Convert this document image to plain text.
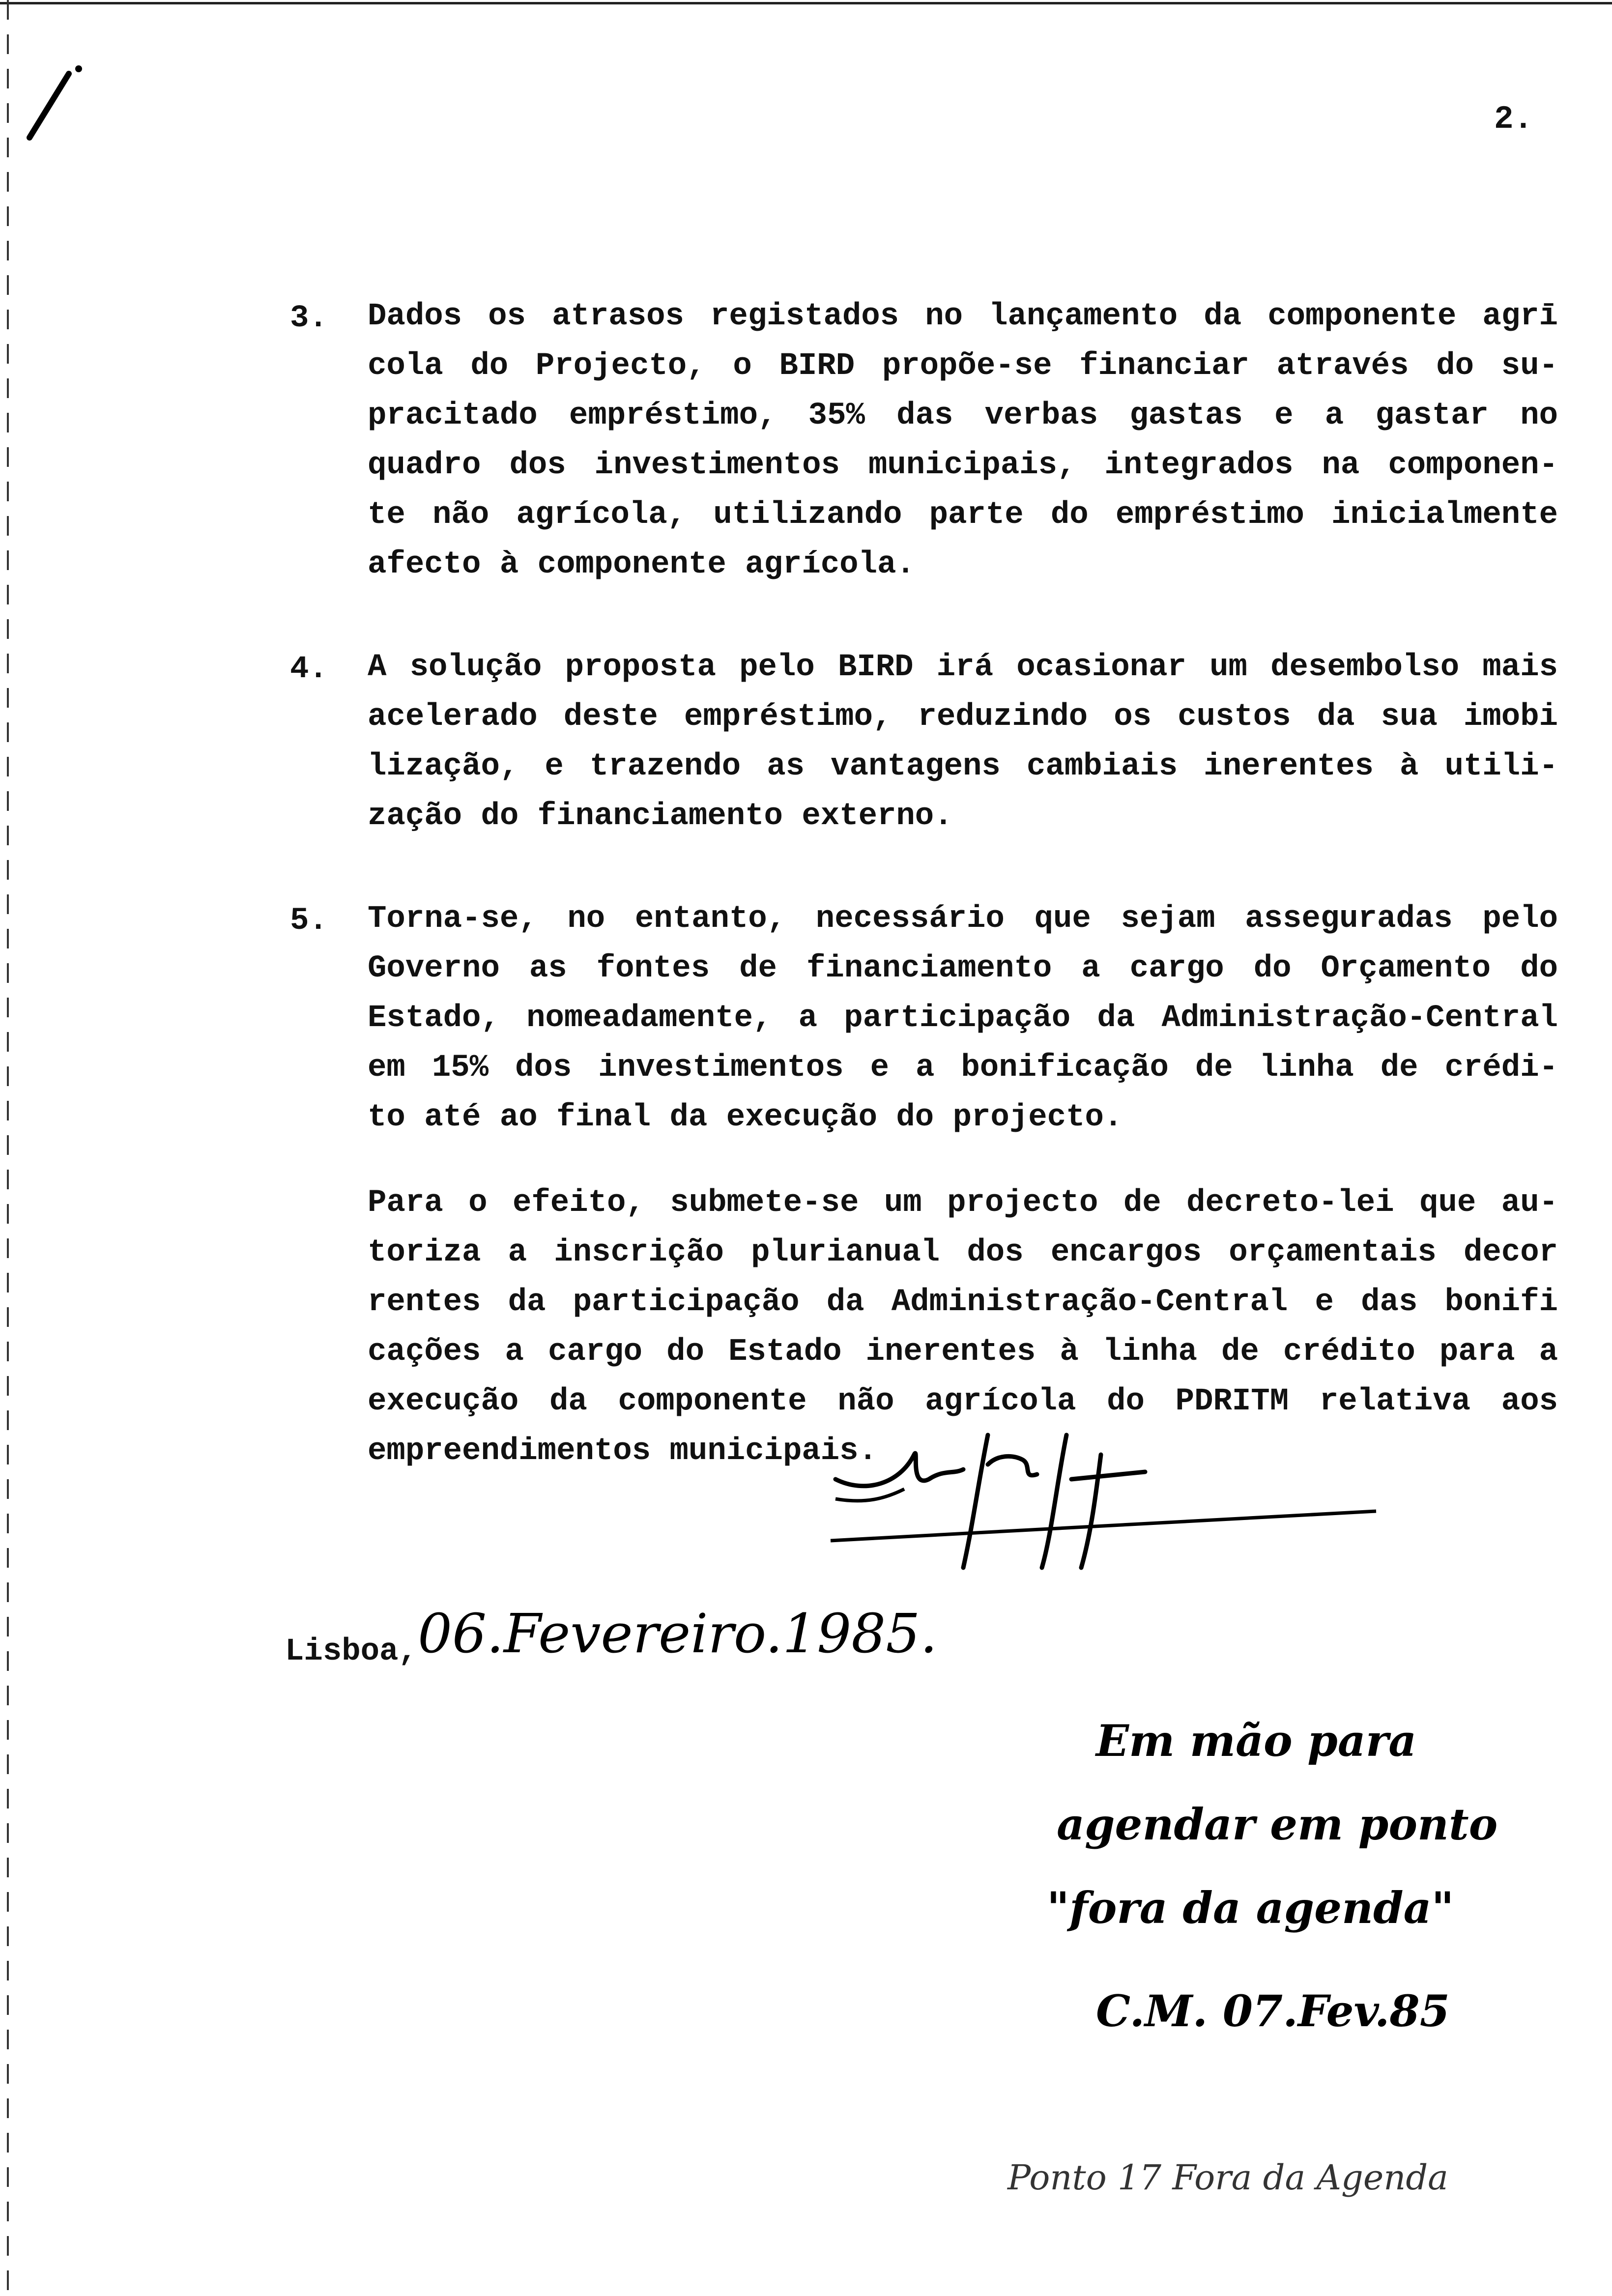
2.
3. Dados os atrasos registados no lançamento da componente agrī
cola do Projecto, o BIRD propõe-se financiar através do su-
pracitado empréstimo, 35% das verbas gastas e a gastar no
quadro dos investimentos municipais, integrados na componen-
te não agrícola, utilizando parte do empréstimo inicialmente
afecto à componente agrícola.
4. A solução proposta pelo BIRD irá ocasionar um desembolso mais
acelerado deste empréstimo, reduzindo os custos da sua imobi
lização, e trazendo as vantagens cambiais inerentes à utili-
zação do financiamento externo.
5. Torna-se, no entanto, necessário que sejam asseguradas pelo
Governo as fontes de financiamento a cargo do Orçamento do
Estado, nomeadamente, a participação da Administração-Central
em 15% dos investimentos e a bonificação de linha de crédi-
to até ao final da execução do projecto.
Para o efeito, submete-se um projecto de decreto-lei que au-
toriza a inscrição plurianual dos encargos orçamentais decor
rentes da participação da Administração-Central e das bonifi
cações a cargo do Estado inerentes à linha de crédito para a
execução da componente não agrícola do PDRITM relativa aos
empreendimentos municipais.
Lisboa, 06.Fevereiro.1985.
Em mão para
agendar em ponto
"fora da agenda"
C.M. 07.Fev.85
Ponto 17 Fora da Agenda
